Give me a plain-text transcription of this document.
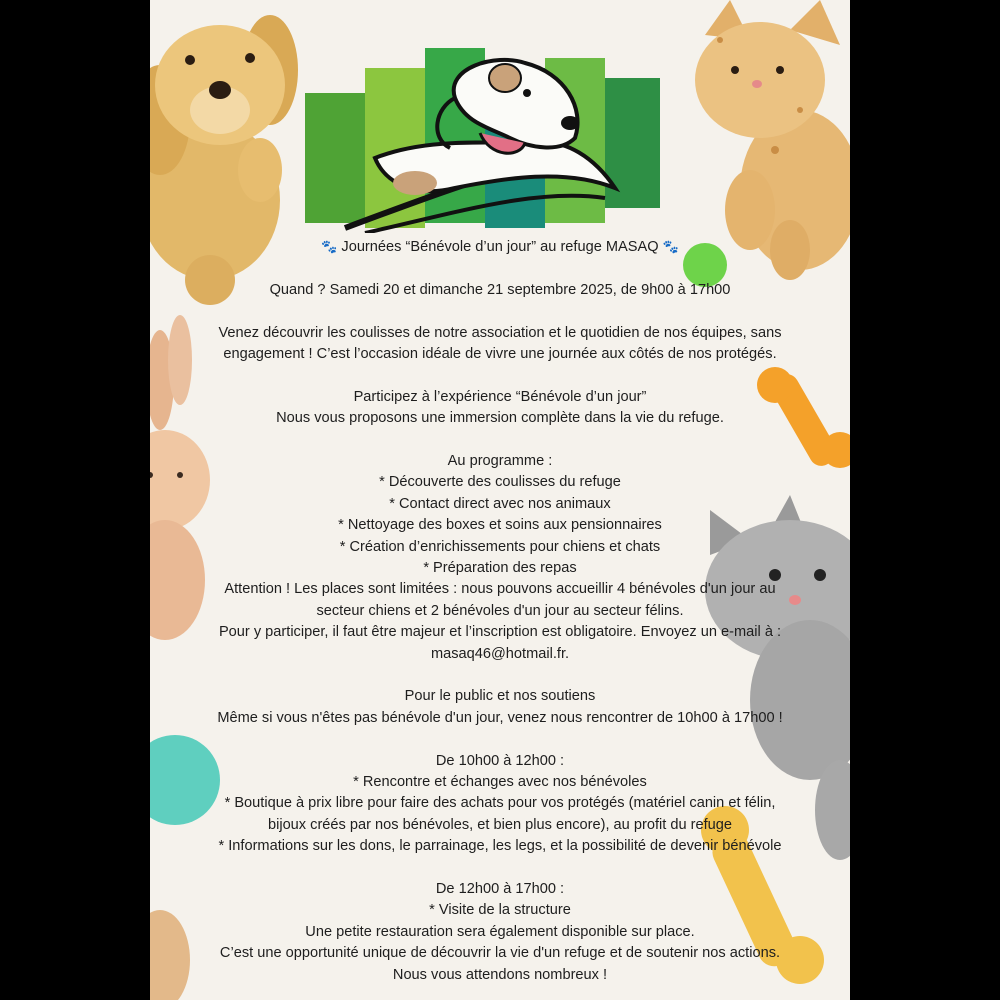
🐾 Journées “Bénévole d’un jour” au refuge MASAQ 🐾
Quand ? Samedi 20 et dimanche 21 septembre 2025, de 9h00 à 17h00
Venez découvrir les coulisses de notre association et le quotidien de nos équipes, sans
engagement ! C’est l’occasion idéale de vivre une journée aux côtés de nos protégés.
Participez à l’expérience “Bénévole d’un jour”
Nous vous proposons une immersion complète dans la vie du refuge.
Au programme :
* Découverte des coulisses du refuge
* Contact direct avec nos animaux
* Nettoyage des boxes et soins aux pensionnaires
* Création d’enrichissements pour chiens et chats
* Préparation des repas
Attention ! Les places sont limitées : nous pouvons accueillir 4 bénévoles d'un jour au
secteur chiens et 2 bénévoles d'un jour au secteur félins.
Pour y participer, il faut être majeur et l’inscription est obligatoire. Envoyez un e-mail à :
masaq46@hotmail.fr.
Pour le public et nos soutiens
Même si vous n'êtes pas bénévole d'un jour, venez nous rencontrer de 10h00 à 17h00 !
De 10h00 à 12h00 :
* Rencontre et échanges avec nos bénévoles
* Boutique à prix libre pour faire des achats pour vos protégés (matériel canin et félin,
bijoux créés par nos bénévoles, et bien plus encore), au profit du refuge
* Informations sur les dons, le parrainage, les legs, et la possibilité de devenir bénévole
De 12h00 à 17h00 :
* Visite de la structure
Une petite restauration sera également disponible sur place.
C’est une opportunité unique de découvrir la vie d'un refuge et de soutenir nos actions.
Nous vous attendons nombreux !
